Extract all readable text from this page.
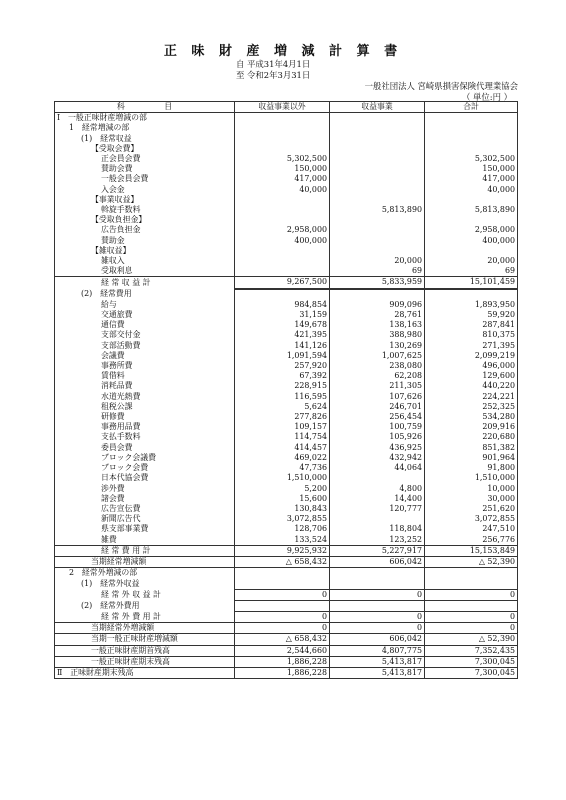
正 味 財 産 増 減 計 算 書
自 平成31年4月1日
至 令和2年3月31日
一般社団法人 宮崎県損害保険代理業協会
（ 単位:円 ）
科　　　　　目	収益事業以外	収益事業	合計
Ⅰ　一般正味財産増減の部			
1　経常増減の部			
(1)　経常収益			
【受取会費】			
正会員会費	5,302,500		5,302,500
賛助会費	150,000		150,000
一般会員会費	417,000		417,000
入会金	40,000		40,000
【事業収益】			
斡旋手数料		5,813,890	5,813,890
【受取負担金】			
広告負担金	2,958,000		2,958,000
賛助金	400,000		400,000
【雑収益】			
雑収入		20,000	20,000
受取利息		69	69
経 常 収 益 計	9,267,500	5,833,959	15,101,459
(2)　経常費用			
給与	984,854	909,096	1,893,950
交通旅費	31,159	28,761	59,920
通信費	149,678	138,163	287,841
支部交付金	421,395	388,980	810,375
支部活動費	141,126	130,269	271,395
会議費	1,091,594	1,007,625	2,099,219
事務所費	257,920	238,080	496,000
賃借料	67,392	62,208	129,600
消耗品費	228,915	211,305	440,220
水道光熱費	116,595	107,626	224,221
租税公課	5,624	246,701	252,325
研修費	277,826	256,454	534,280
事務用品費	109,157	100,759	209,916
支払手数料	114,754	105,926	220,680
委員会費	414,457	436,925	851,382
ブロック会議費	469,022	432,942	901,964
ブロック会費	47,736	44,064	91,800
日本代協会費	1,510,000		1,510,000
渉外費	5,200	4,800	10,000
諸会費	15,600	14,400	30,000
広告宣伝費	130,843	120,777	251,620
新聞広告代	3,072,855		3,072,855
県支部事業費	128,706	118,804	247,510
雑費	133,524	123,252	256,776
経 常 費 用 計	9,925,932	5,227,917	15,153,849
当期経常増減額	△ 658,432	606,042	△ 52,390
2　経常外増減の部			
(1)　経常外収益			
経 常 外 収 益 計	0	0	0
(2)　経常外費用			
経 常 外 費 用 計	0	0	0
当期経常外増減額	0	0	0
当期一般正味財産増減額	△ 658,432	606,042	△ 52,390
一般正味財産期首残高	2,544,660	4,807,775	7,352,435
一般正味財産期末残高	1,886,228	5,413,817	7,300,045
Ⅱ　正味財産期末残高	1,886,228	5,413,817	7,300,045
